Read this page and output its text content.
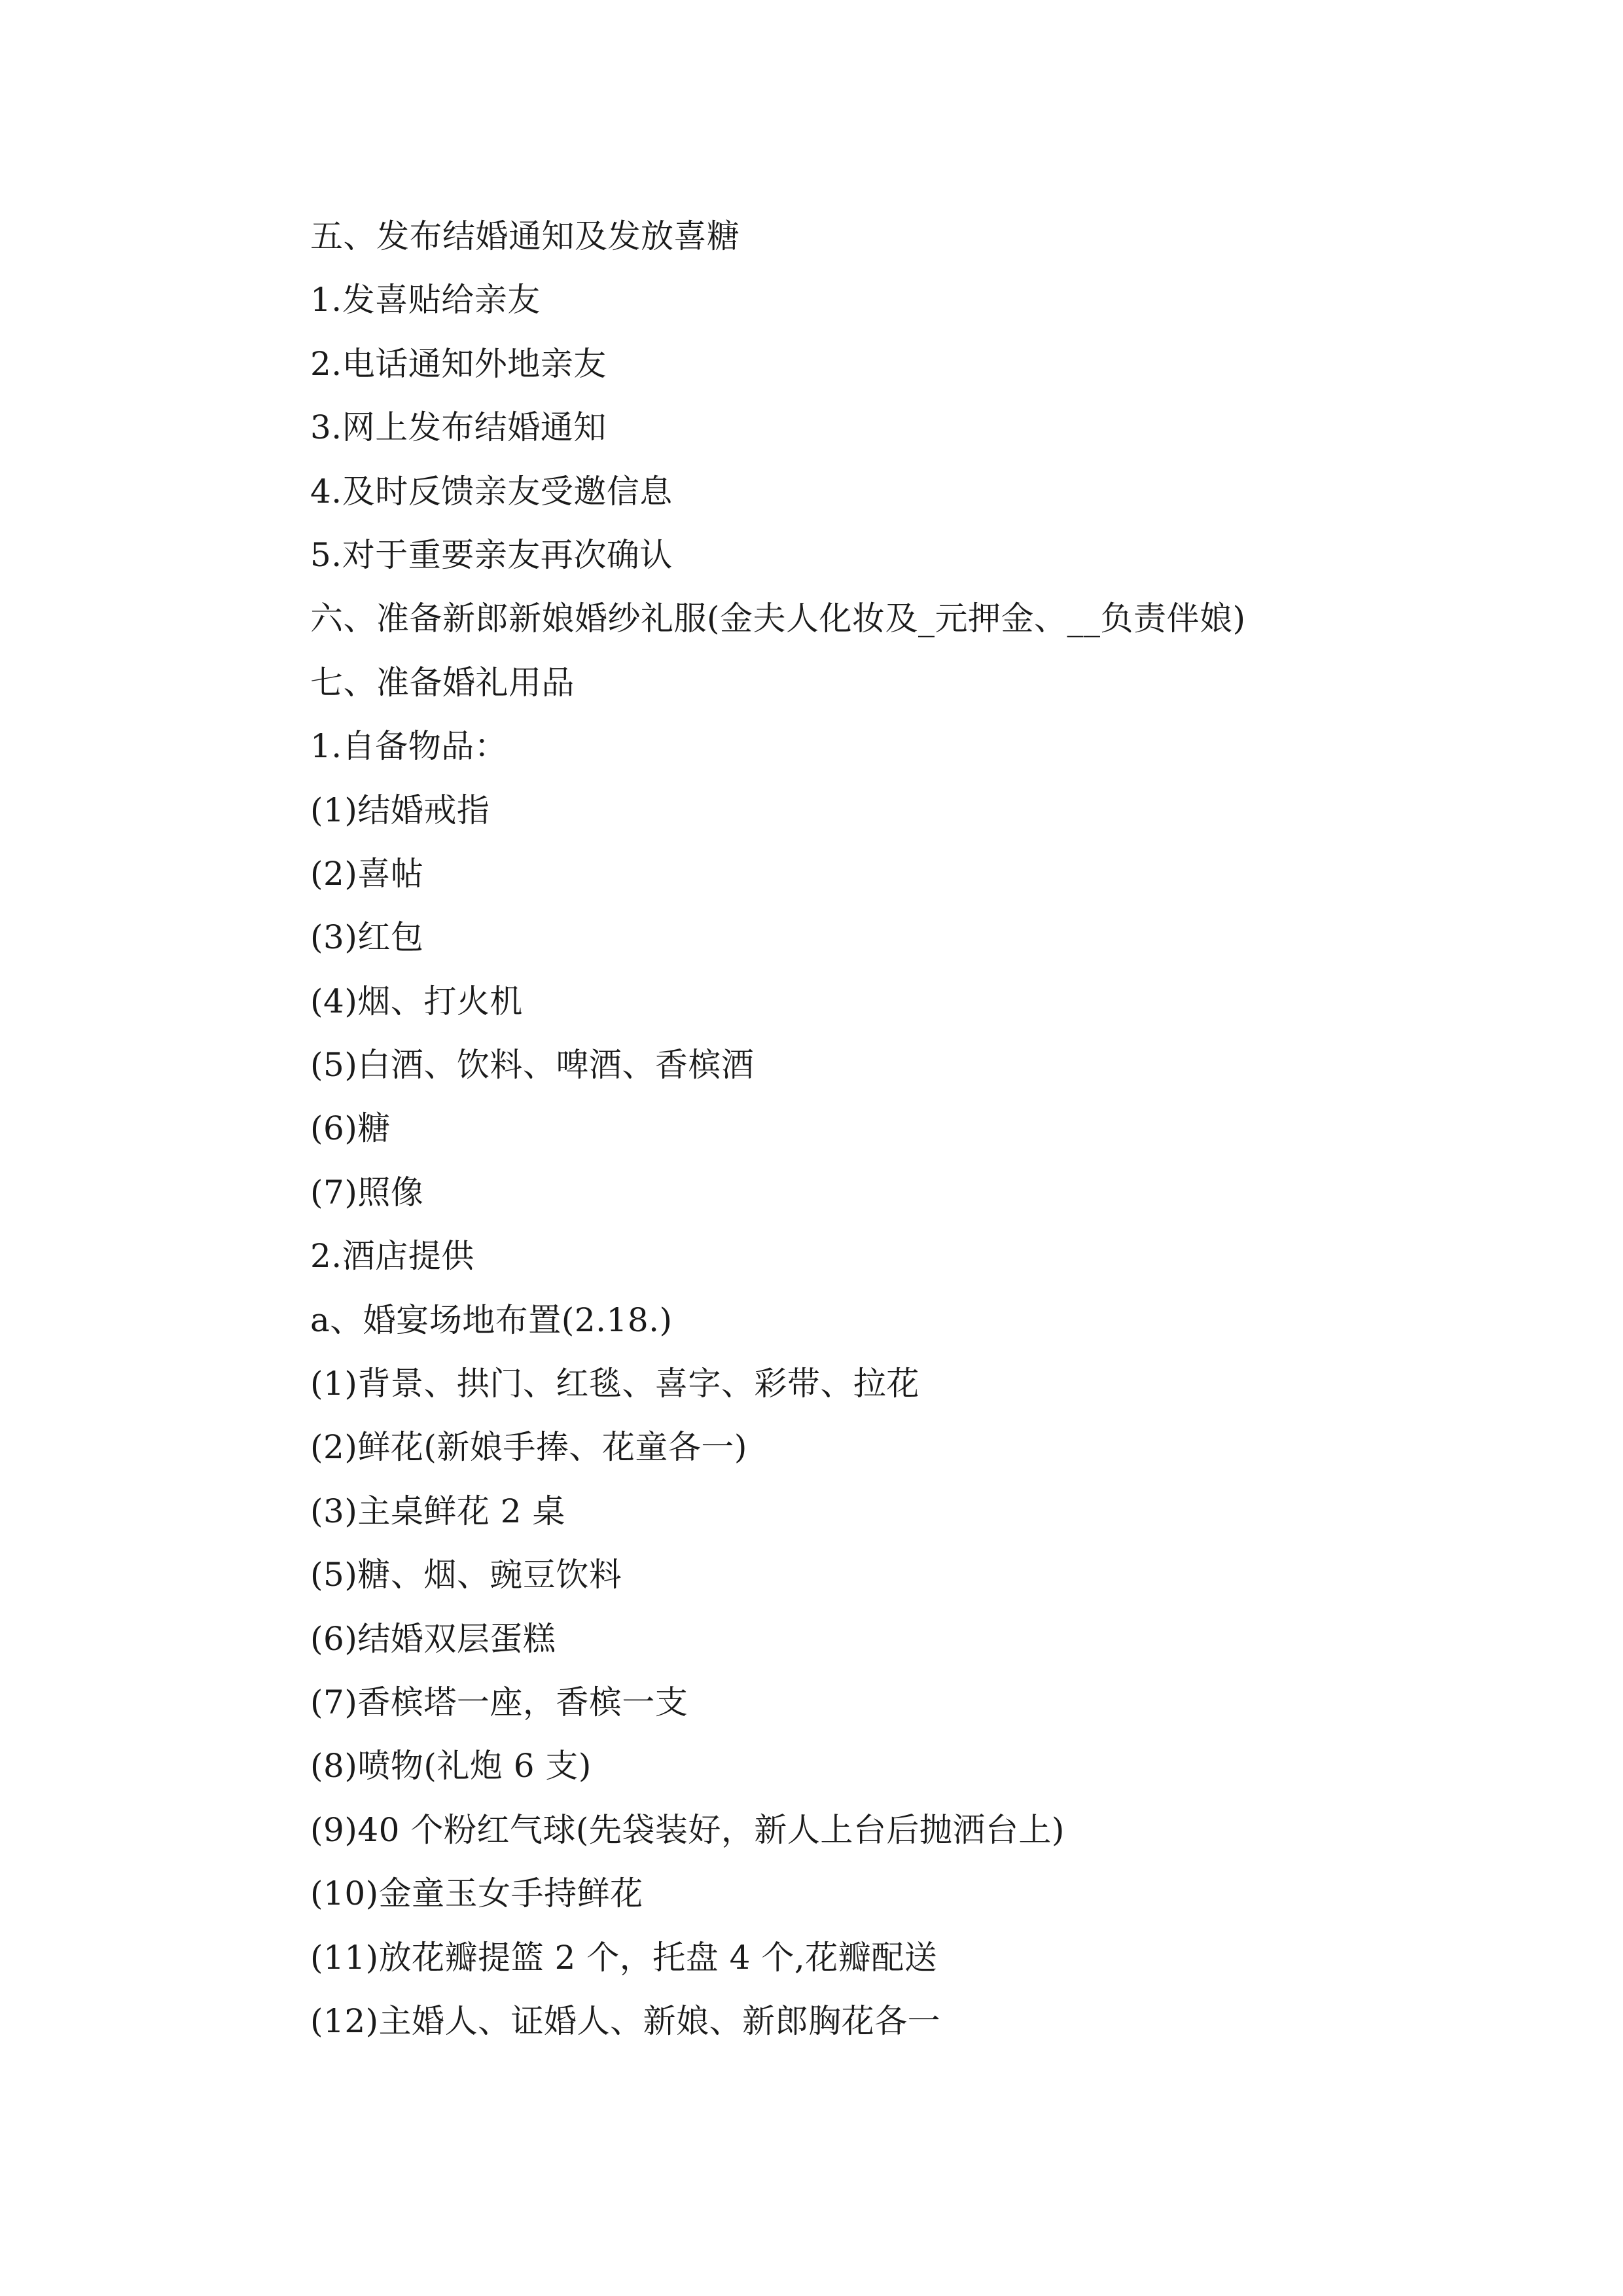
五、发布结婚通知及发放喜糖
1.发喜贴给亲友
2.电话通知外地亲友
3.网上发布结婚通知
4.及时反馈亲友受邀信息
5.对于重要亲友再次确认
六、准备新郎新娘婚纱礼服(金夫人化妆及_元押金、__负责伴娘)
七、准备婚礼用品
1.自备物品：
(1)结婚戒指
(2)喜帖
(3)红包
(4)烟、打火机
(5)白酒、饮料、啤酒、香槟酒
(6)糖
(7)照像
2.酒店提供
a、婚宴场地布置(2.18.)
(1)背景、拱门、红毯、喜字、彩带、拉花
(2)鲜花(新娘手捧、花童各一)
(3)主桌鲜花 2 桌
(5)糖、烟、豌豆饮料
(6)结婚双层蛋糕
(7)香槟塔一座，香槟一支
(8)喷物(礼炮 6 支)
(9)40 个粉红气球(先袋装好，新人上台后抛洒台上)
(10)金童玉女手持鲜花
(11)放花瓣提篮 2 个，托盘 4 个,花瓣配送
(12)主婚人、证婚人、新娘、新郎胸花各一
